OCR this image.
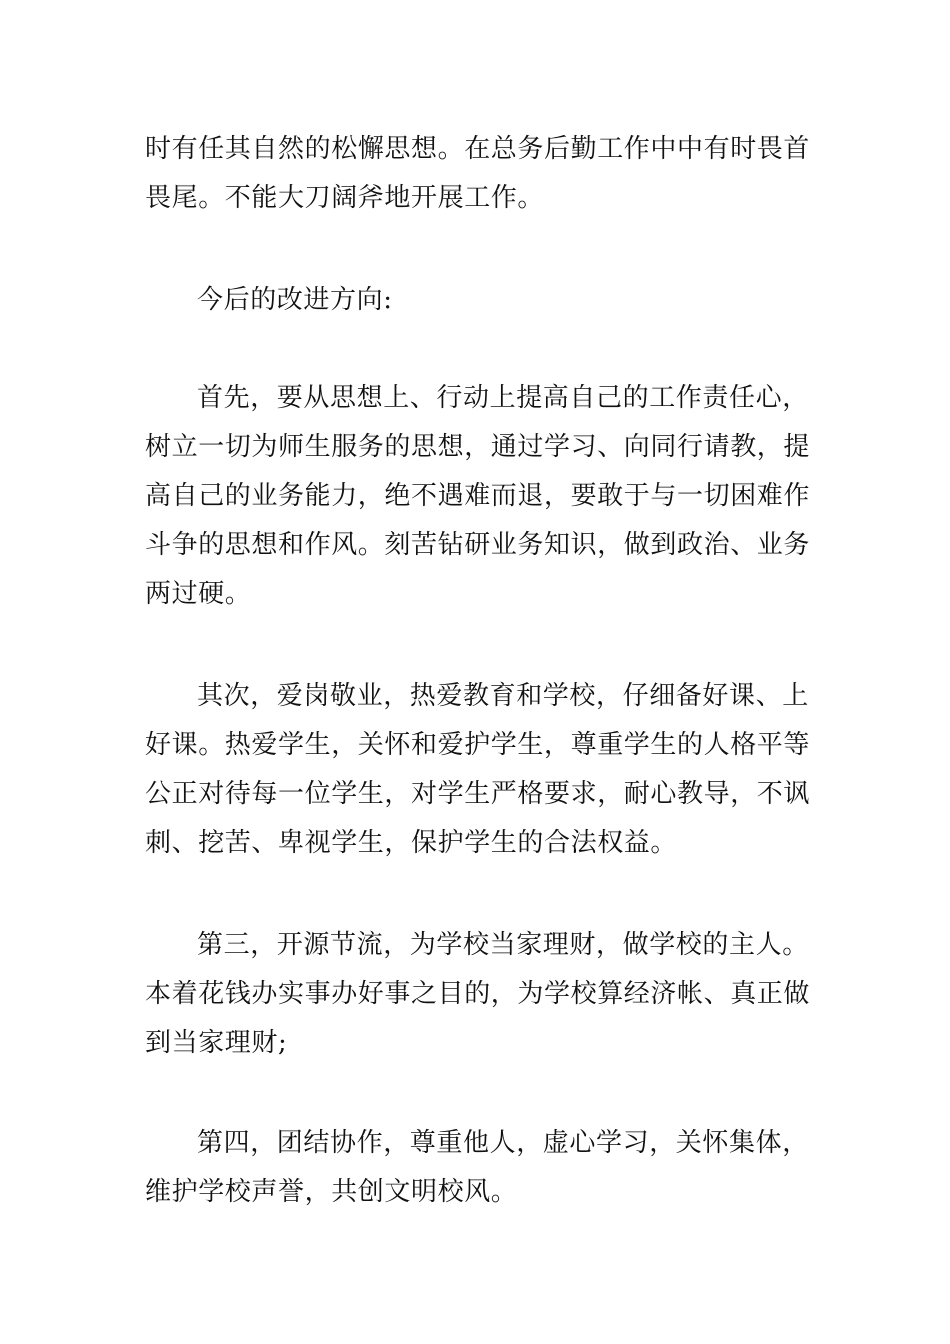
时有任其自然的松懈思想。在总务后勤工作中中有时畏首
畏尾。不能大刀阔斧地开展工作。

今后的改进方向:

首先，要从思想上、行动上提高自己的工作责任心，
树立一切为师生服务的思想，通过学习、向同行请教，提
高自己的业务能力，绝不遇难而退，要敢于与一切困难作
斗争的思想和作风。刻苦钻研业务知识，做到政治、业务
两过硬。

其次，爱岗敬业，热爱教育和学校，仔细备好课、上
好课。热爱学生，关怀和爱护学生，尊重学生的人格平等
公正对待每一位学生，对学生严格要求，耐心教导，不讽
刺、挖苦、卑视学生，保护学生的合法权益。

第三，开源节流，为学校当家理财，做学校的主人。
本着花钱办实事办好事之目的，为学校算经济帐、真正做
到当家理财;

第四，团结协作，尊重他人，虚心学习，关怀集体，
维护学校声誉，共创文明校风。
